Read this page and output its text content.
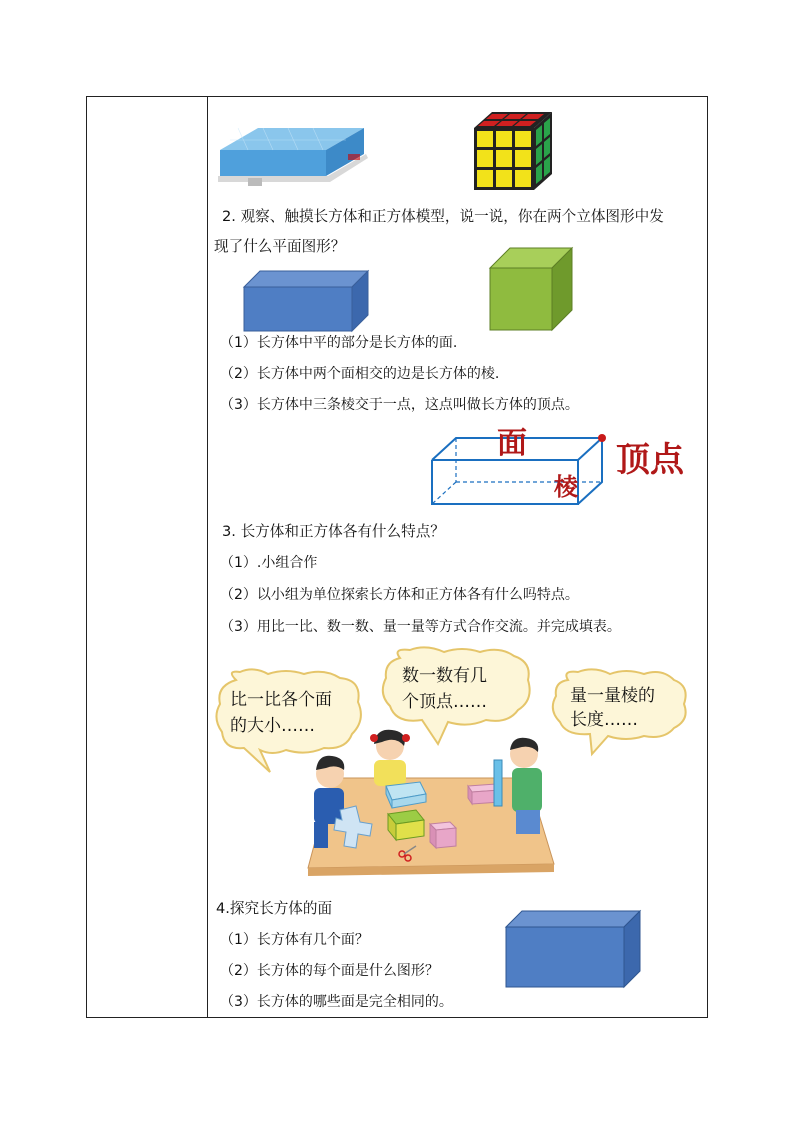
2. 观察、触摸长方体和正方体模型，说一说，你在两个立体图形中发
现了什么平面图形？
（1）长方体中平的部分是长方体的面.
（2）长方体中两个面相交的边是长方体的棱.
（3）长方体中三条棱交于一点，这点叫做长方体的顶点。
面
棱
顶点
3. 长方体和正方体各有什么特点？
（1）.小组合作
（2）以小组为单位探索长方体和正方体各有什么吗特点。
（3）用比一比、数一数、量一量等方式合作交流。并完成填表。
比一比各个面
的大小……
数一数有几
个顶点……	量一量棱的
长度……
4.探究长方体的面
（1）长方体有几个面？
（2）长方体的每个面是什么图形？
（3）长方体的哪些面是完全相同的。
